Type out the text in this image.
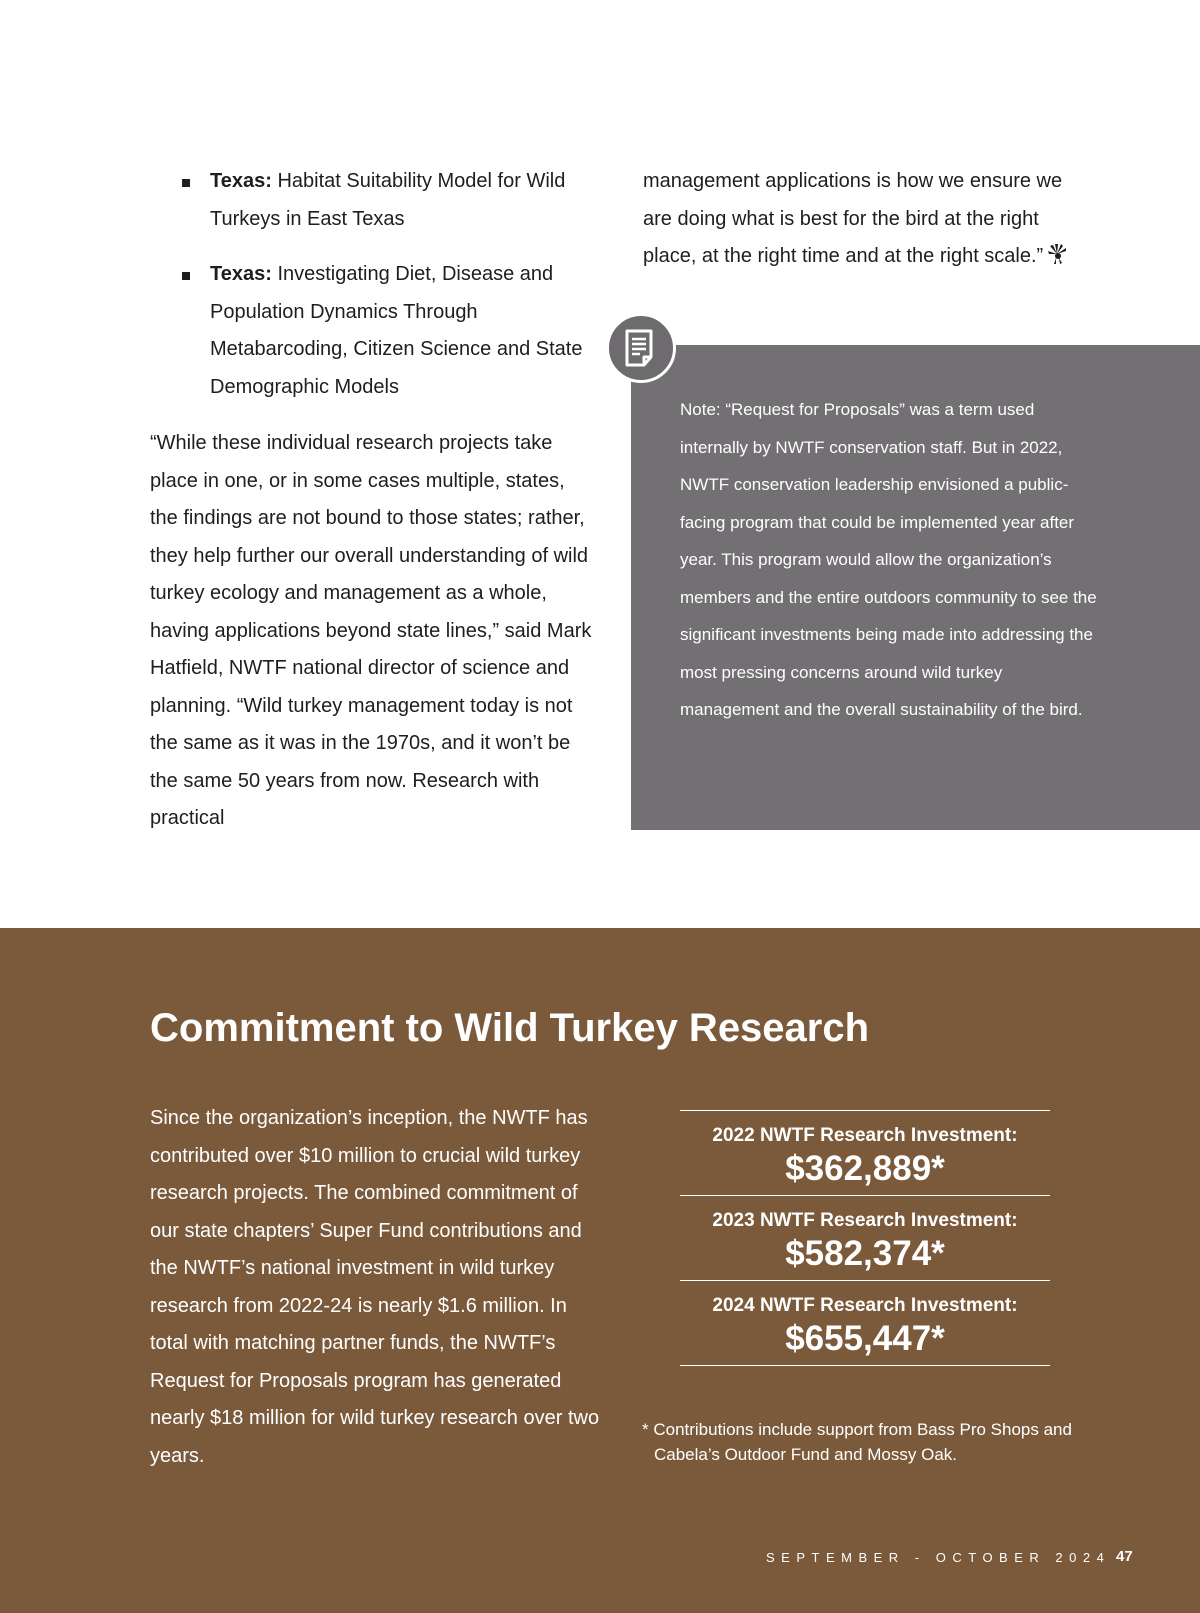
Texas: Habitat Suitability Model for Wild Turkeys in East Texas
Texas: Investigating Diet, Disease and Population Dynamics Through Metabarcoding, Citizen Science and State Demographic Models

“While these individual research projects take place in one, or in some cases multiple, states, the findings are not bound to those states; rather, they help further our overall understanding of wild turkey ecology and management as a whole, having applications beyond state lines,” said Mark Hatfield, NWTF national director of science and planning. “Wild turkey management today is not the same as it was in the 1970s, and it won’t be the same 50 years from now. Research with practical

management applications is how we ensure we are doing what is best for the bird at the right place, at the right time and at the right scale.”

Note: “Request for Proposals” was a term used internally by NWTF conservation staff. But in 2022, NWTF conservation leadership envisioned a public-facing program that could be implemented year after year. This program would allow the organization’s members and the entire outdoors community to see the significant investments being made into addressing the most pressing concerns around wild turkey management and the overall sustainability of the bird.

Commitment to Wild Turkey Research

Since the organization’s inception, the NWTF has contributed over $10 million to crucial wild turkey research projects. The combined commitment of our state chapters’ Super Fund contributions and the NWTF’s national investment in wild turkey research from 2022-24 is nearly $1.6 million. In total with matching partner funds, the NWTF’s Request for Proposals program has generated nearly $18 million for wild turkey research over two years.

2022 NWTF Research Investment:
$362,889*
2023 NWTF Research Investment:
$582,374*
2024 NWTF Research Investment:
$655,447*

* Contributions include support from Bass Pro Shops and Cabela’s Outdoor Fund and Mossy Oak.

SEPTEMBER - OCTOBER 2024 47
